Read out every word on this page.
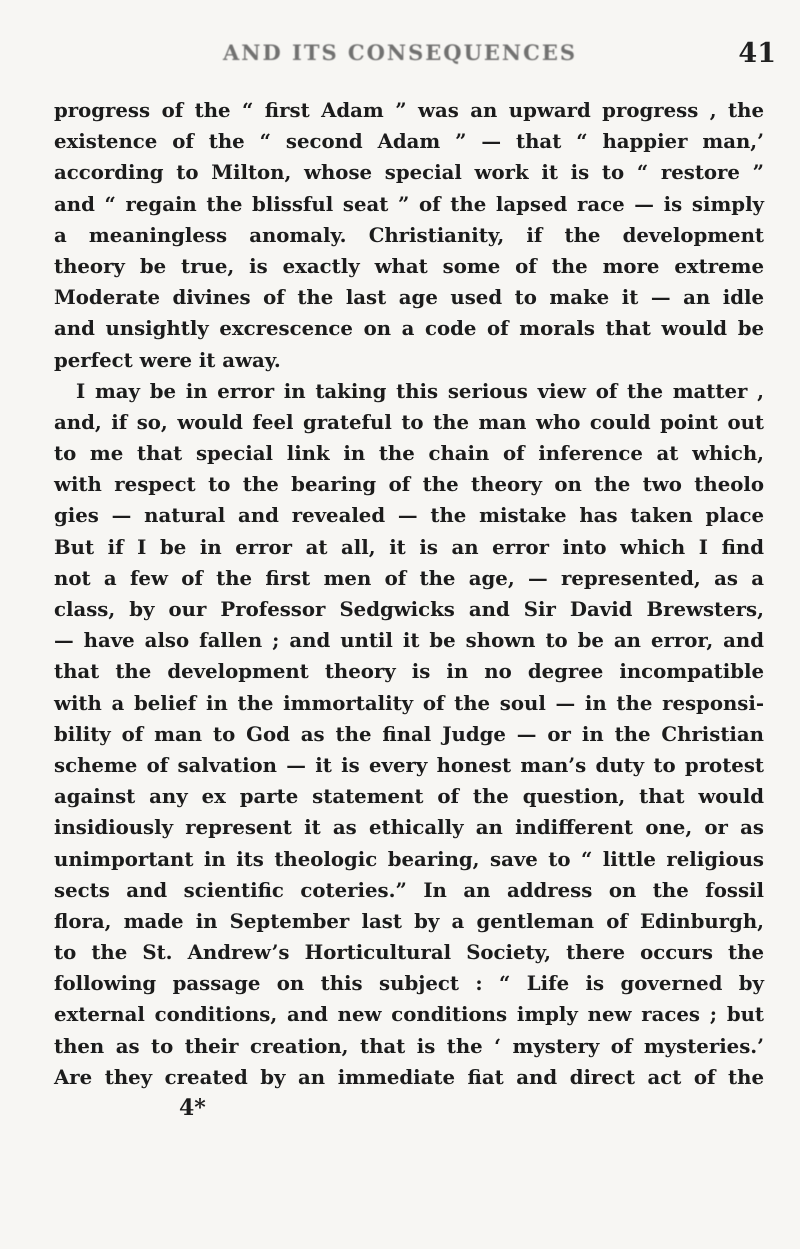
AND ITS CONSEQUENCES	41
progress of the “ first Adam ” was an upward progress , the
existence of the “ second Adam ” — that “ happier man,’
according to Milton, whose special work it is to “ restore ”
and “ regain the blissful seat ” of the lapsed race — is simply
a meaningless anomaly. Christianity, if the development
theory be true, is exactly what some of the more extreme
Moderate divines of the last age used to make it — an idle
and unsightly excrescence on a code of morals that would be
perfect were it away.
I may be in error in taking this serious view of the matter ,
and, if so, would feel grateful to the man who could point out
to me that special link in the chain of inference at which,
with respect to the bearing of the theory on the two theolo
gies — natural and revealed — the mistake has taken place
But if I be in error at all, it is an error into which I find
not a few of the first men of the age, — represented, as a
class, by our Professor Sedgwicks and Sir David Brewsters,
— have also fallen ; and until it be shown to be an error, and
that the development theory is in no degree incompatible
with a belief in the immortality of the soul — in the responsi-
bility of man to God as the final Judge — or in the Christian
scheme of salvation — it is every honest man’s duty to protest
against any ex parte statement of the question, that would
insidiously represent it as ethically an indifferent one, or as
unimportant in its theologic bearing, save to “ little religious
sects and scientific coteries.” In an address on the fossil
flora, made in September last by a gentleman of Edinburgh,
to the St. Andrew’s Horticultural Society, there occurs the
following passage on this subject : “ Life is governed by
external conditions, and new conditions imply new races ; but
then as to their creation, that is the ‘ mystery of mysteries.’
Are they created by an immediate fiat and direct act of the
4*
